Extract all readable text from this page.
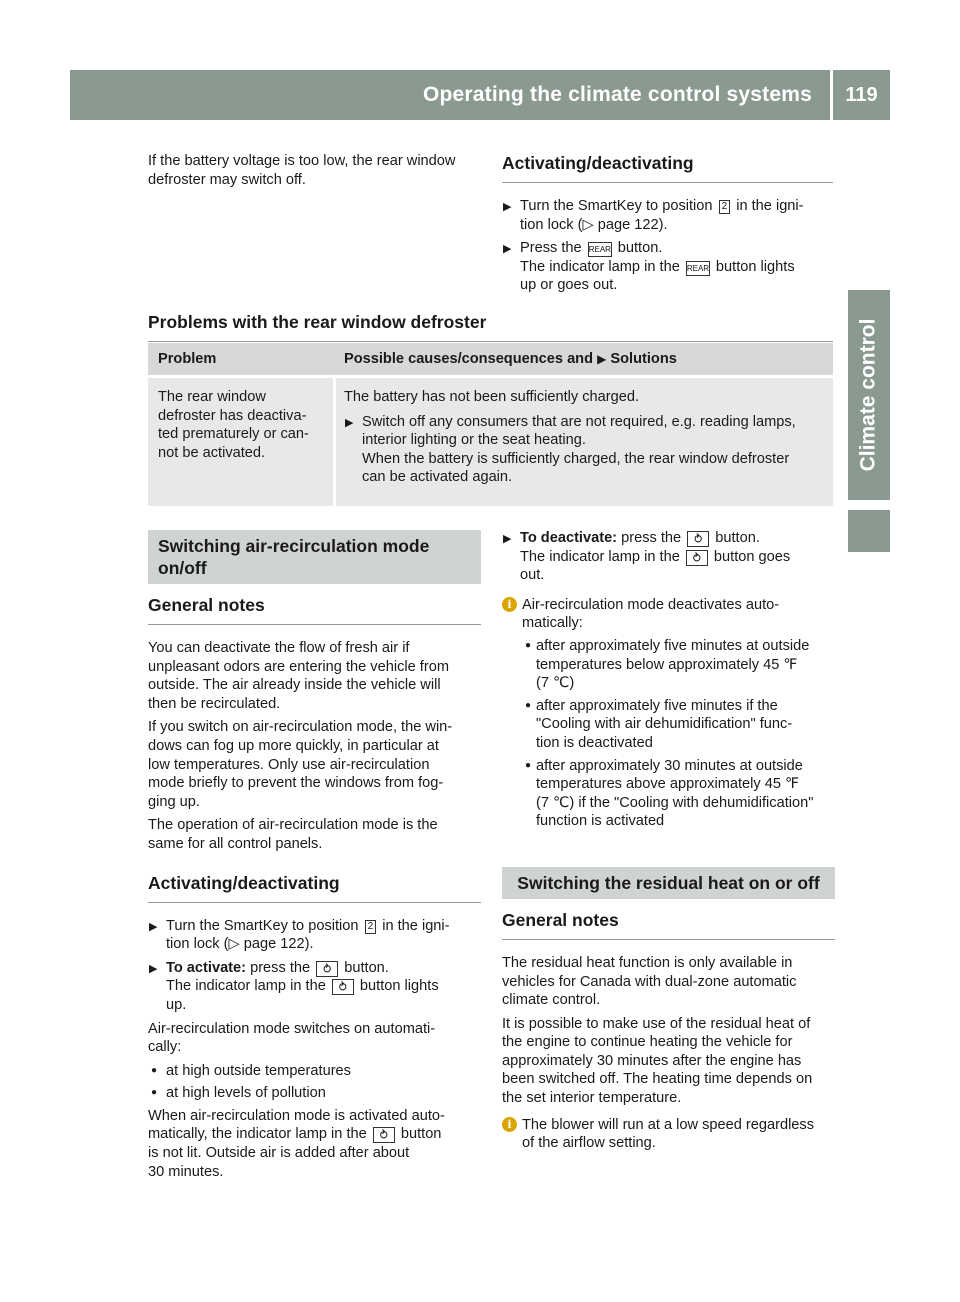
Operating the climate control systems	119
Climate control

If the battery voltage is too low, the rear window

defroster may switch off.

Activating/deactivating
▶ Turn the SmartKey to position 2 in the igni-

tion lock (▷ page 122).

▶ Press the REAR button.

The indicator lamp in the REAR button lights

up or goes out.

Problems with the rear window defroster
Problem	Possible causes/consequences and ▶ Solutions

The rear window

defroster has deactiva-

ted prematurely or can-

not be activated.

The battery has not been sufficiently charged.

▶ Switch off any consumers that are not required, e.g. reading lamps,

interior lighting or the seat heating.

When the battery is sufficiently charged, the rear window defroster

can be activated again.

Switching air-recirculation mode

on/off

General notes

You can deactivate the flow of fresh air if

unpleasant odors are entering the vehicle from

outside. The air already inside the vehicle will

then be recirculated.

If you switch on air-recirculation mode, the win-

dows can fog up more quickly, in particular at

low temperatures. Only use air-recirculation

mode briefly to prevent the windows from fog-

ging up.

The operation of air-recirculation mode is the

same for all control panels.

Activating/deactivating
▶ Turn the SmartKey to position 2 in the igni-

tion lock (▷ page 122).

▶ To activate: press the ⥁ button.

The indicator lamp in the ⥁ button lights

up.

Air-recirculation mode switches on automati-

cally:

● at high outside temperatures

● at high levels of pollution

When air-recirculation mode is activated auto-

matically, the indicator lamp in the ⥁ button

is not lit. Outside air is added after about

30 minutes.

▶ To deactivate: press the ⥁ button.

The indicator lamp in the ⥁ button goes

out.

i Air-recirculation mode deactivates auto-

matically:

● after approximately five minutes at outside

temperatures below approximately 45 ℉

(7 ℃)

● after approximately five minutes if the

"Cooling with air dehumidification" func-

tion is deactivated

● after approximately 30 minutes at outside

temperatures above approximately 45 ℉

(7 ℃) if the "Cooling with dehumidification"

function is activated

Switching the residual heat on or off
General notes

The residual heat function is only available in

vehicles for Canada with dual-zone automatic

climate control.

It is possible to make use of the residual heat of

the engine to continue heating the vehicle for

approximately 30 minutes after the engine has

been switched off. The heating time depends on

the set interior temperature.

i The blower will run at a low speed regardless

of the airflow setting.
